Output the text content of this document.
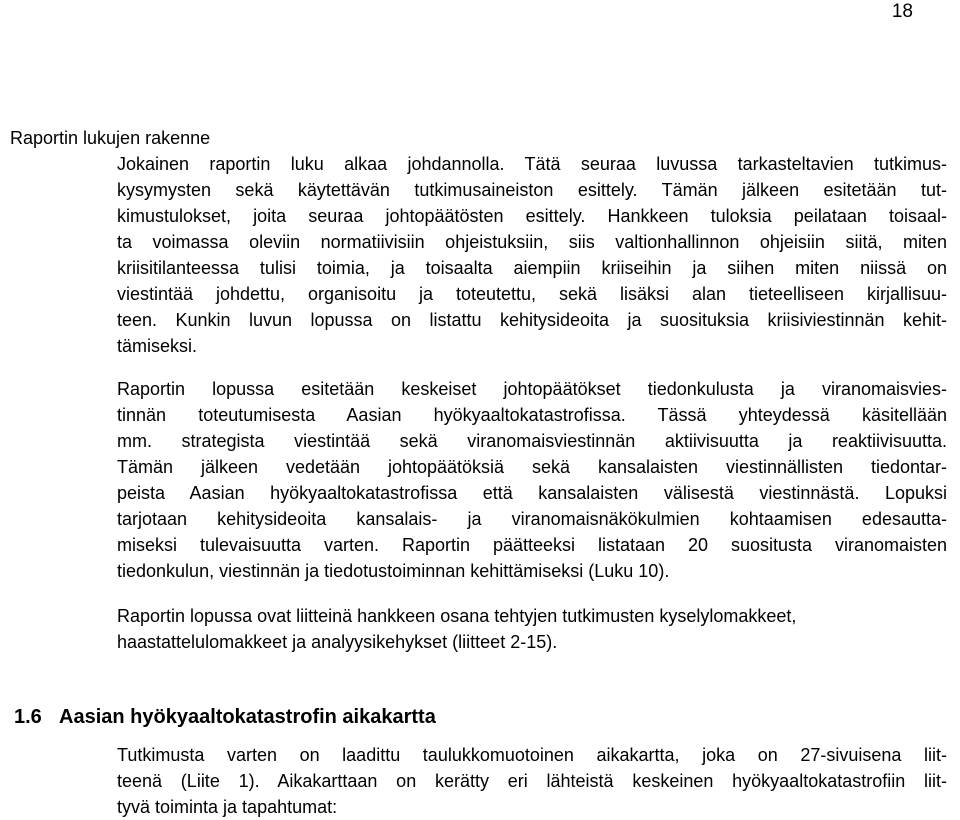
18
Raportin lukujen rakenne
Jokainen raportin luku alkaa johdannolla. Tätä seuraa luvussa tarkasteltavien tutkimus-
kysymysten sekä käytettävän tutkimusaineiston esittely. Tämän jälkeen esitetään tut-
kimustulokset, joita seuraa johtopäätösten esittely. Hankkeen tuloksia peilataan toisaal-
ta voimassa oleviin normatiivisiin ohjeistuksiin, siis valtionhallinnon ohjeisiin siitä, miten
kriisitilanteessa tulisi toimia, ja toisaalta aiempiin kriiseihin ja siihen miten niissä on
viestintää johdettu, organisoitu ja toteutettu, sekä lisäksi alan tieteelliseen kirjallisuu-
teen. Kunkin luvun lopussa on listattu kehitysideoita ja suosituksia kriisiviestinnän kehit-
tämiseksi.
Raportin lopussa esitetään keskeiset johtopäätökset tiedonkulusta ja viranomaisvies-
tinnän toteutumisesta Aasian hyökyaaltokatastrofissa. Tässä yhteydessä käsitellään
mm. strategista viestintää sekä viranomaisviestinnän aktiivisuutta ja reaktiivisuutta.
Tämän jälkeen vedetään johtopäätöksiä sekä kansalaisten viestinnällisten tiedontar-
peista Aasian hyökyaaltokatastrofissa että kansalaisten välisestä viestinnästä. Lopuksi
tarjotaan kehitysideoita kansalais- ja viranomaisnäkökulmien kohtaamisen edesautta-
miseksi tulevaisuutta varten. Raportin päätteeksi listataan 20 suositusta viranomaisten
tiedonkulun, viestinnän ja tiedotustoiminnan kehittämiseksi (Luku 10).
Raportin lopussa ovat liitteinä hankkeen osana tehtyjen tutkimusten kyselylomakkeet,
haastattelulomakkeet ja analyysikehykset (liitteet 2-15).
1.6 Aasian hyökyaaltokatastrofin aikakartta
Tutkimusta varten on laadittu taulukkomuotoinen aikakartta, joka on 27-sivuisena liit-
teenä (Liite 1). Aikakarttaan on kerätty eri lähteistä keskeinen hyökyaaltokatastrofiin liit-
tyvä toiminta ja tapahtumat:
